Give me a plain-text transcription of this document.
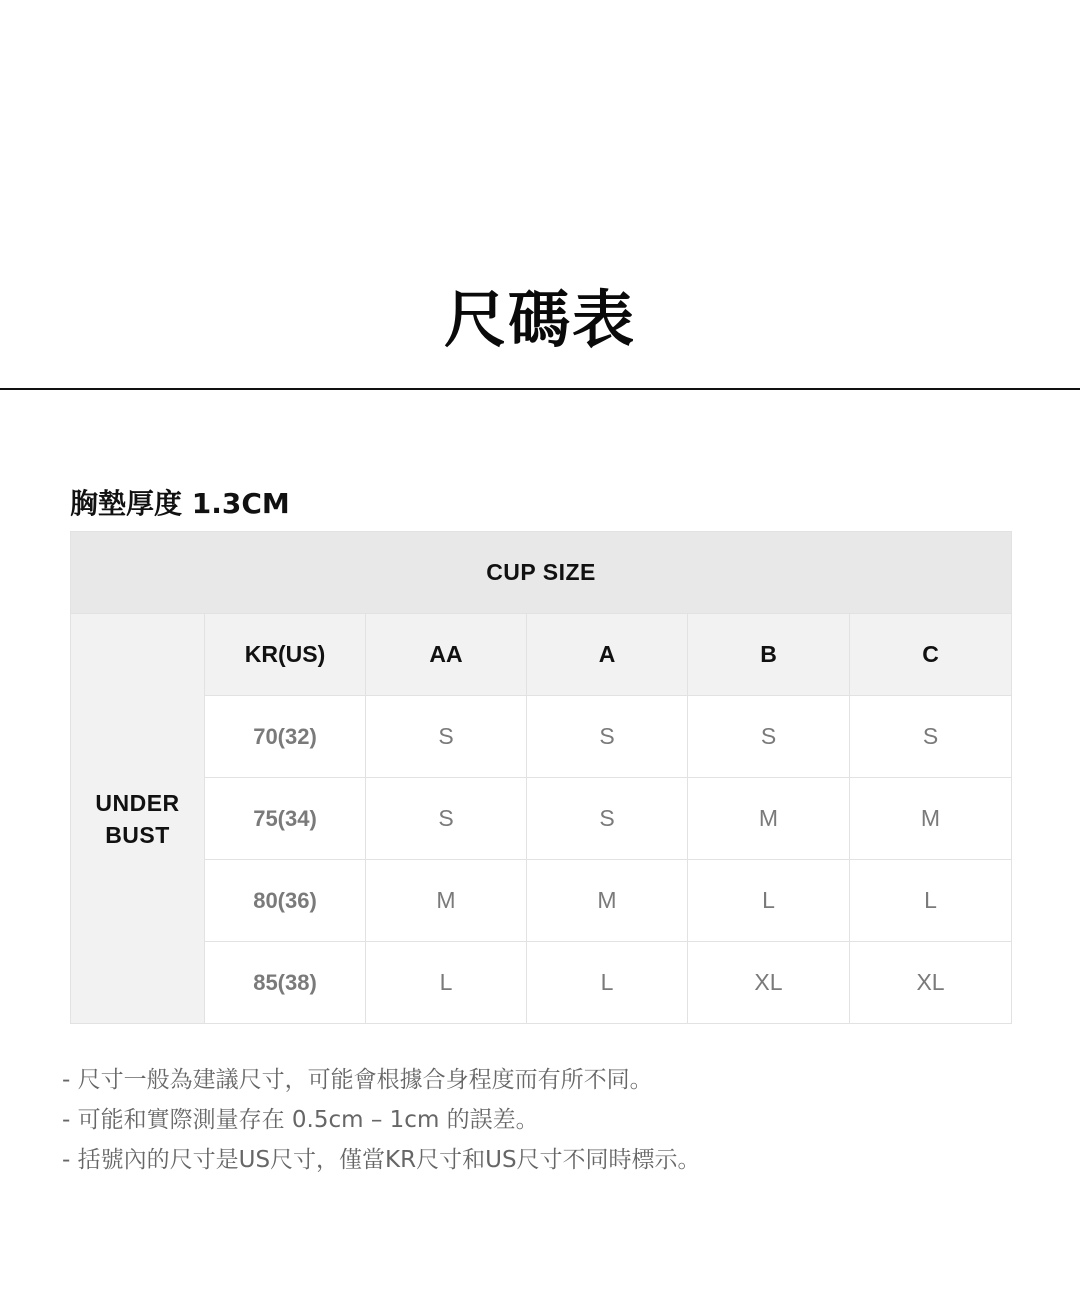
尺碼表
胸墊厚度 1.3CM
CUP SIZE					

UNDER
BUST	KR(US)	AA	A	B	C
	70(32)	S	S	S	S
	75(34)	S	S	M	M
	80(36)	M	M	L	L
	85(38)	L	L	XL	XL
- 尺寸一般為建議尺寸，可能會根據合身程度而有所不同。
- 可能和實際測量存在 0.5cm – 1cm 的誤差。
- 括號內的尺寸是US尺寸，僅當KR尺寸和US尺寸不同時標示。
